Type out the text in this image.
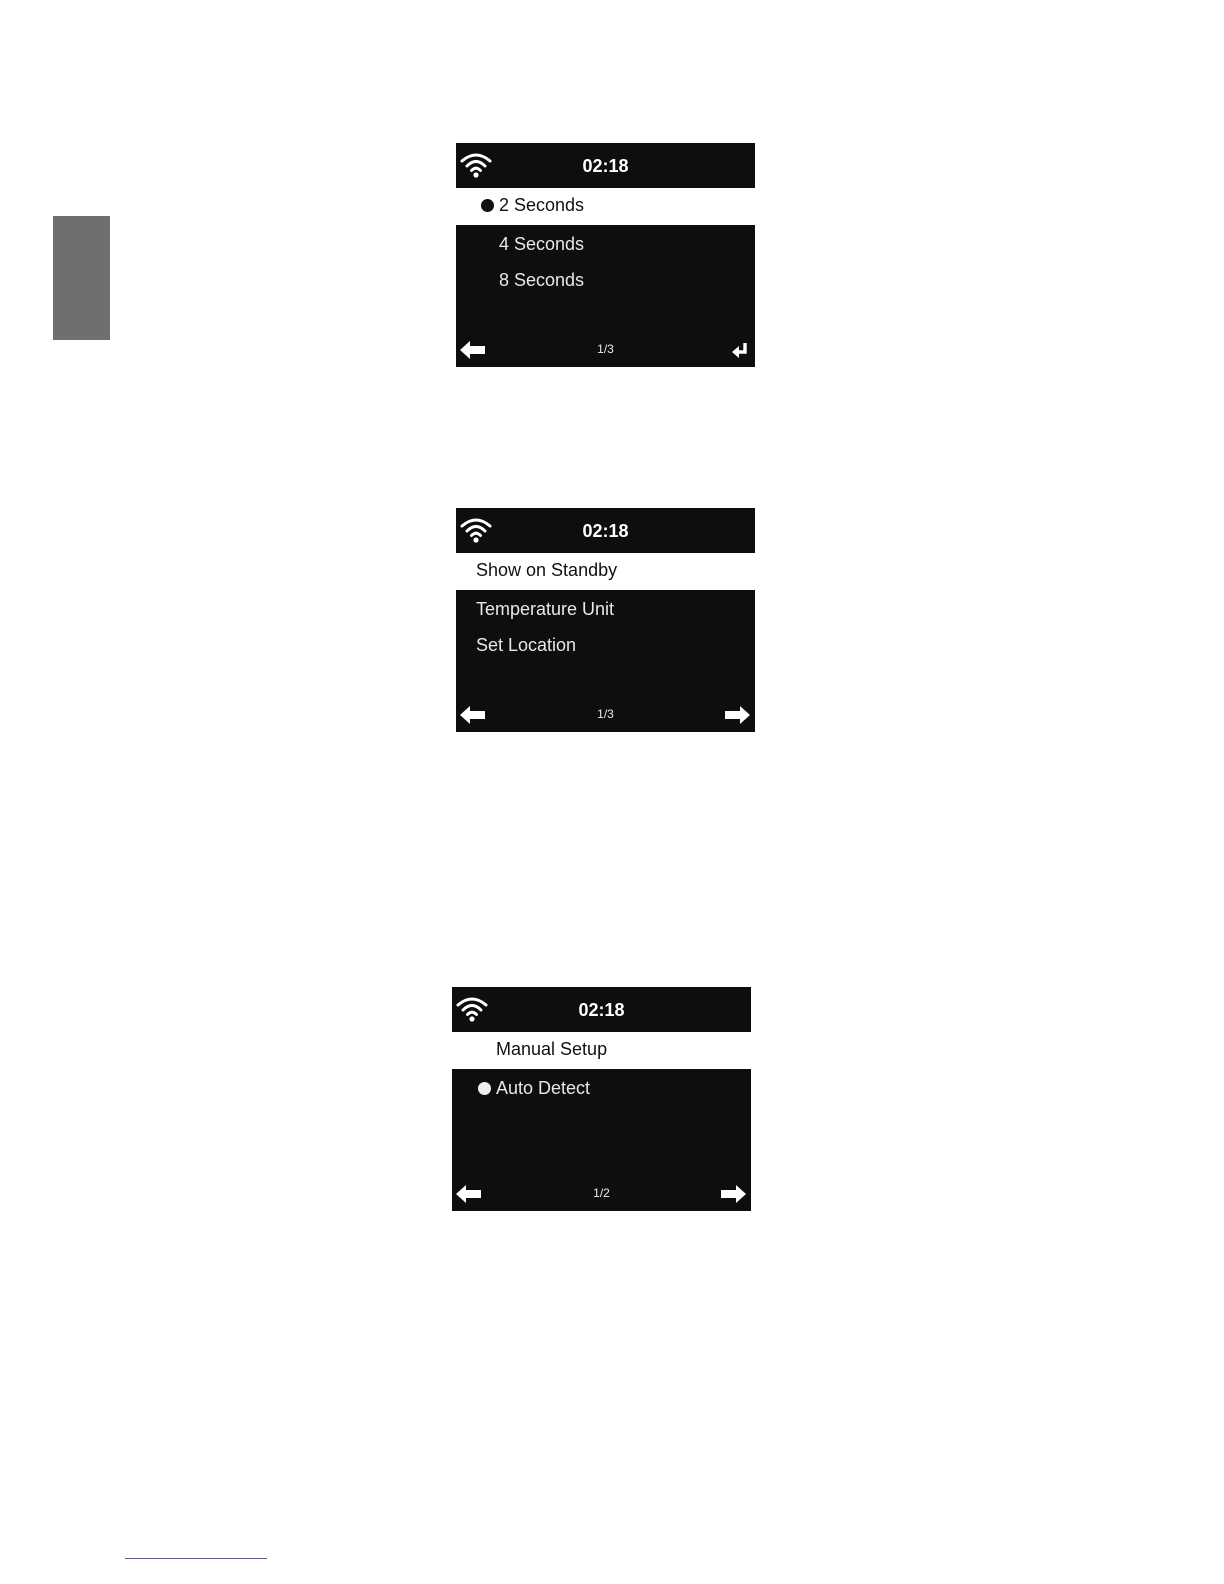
02:18
2 Seconds
4 Seconds
8 Seconds
1/3
02:18
Show on Standby
Temperature Unit
Set Location
1/3
02:18
Manual Setup
Auto Detect
1/2
